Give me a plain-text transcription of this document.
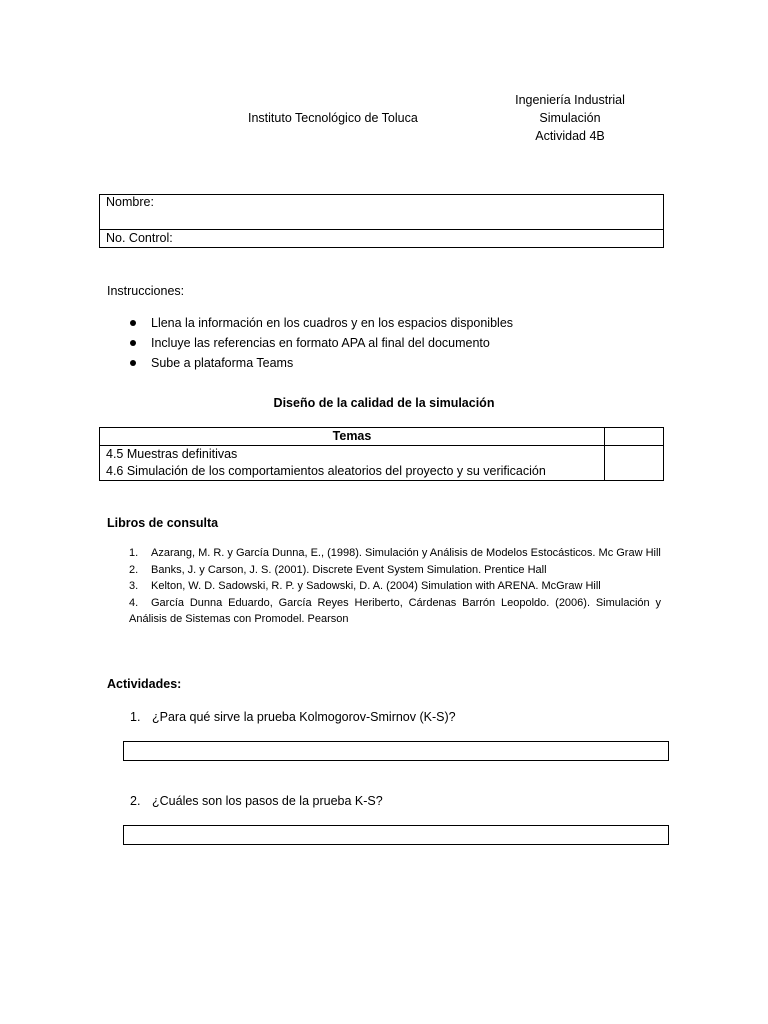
Ingeniería Industrial
Simulación
Actividad 4B
Instituto Tecnológico de Toluca
Nombre:
No. Control:
Instrucciones:
Llena la información en los cuadros y en los espacios disponibles
Incluye las referencias en formato APA al final del documento
Sube a plataforma Teams
Diseño de la calidad de la simulación
Temas	

4.5 Muestras definitivas
4.6 Simulación de los comportamientos aleatorios del proyecto y su verificación	

Libros de consulta
1. Azarang, M. R. y García Dunna, E., (1998). Simulación y Análisis de Modelos Estocásticos. Mc Graw Hill
2. Banks, J. y Carson, J. S. (2001). Discrete Event System Simulation. Prentice Hall
3. Kelton, W. D. Sadowski, R. P. y Sadowski, D. A. (2004) Simulation with ARENA. McGraw Hill
4. García Dunna Eduardo, García Reyes Heriberto, Cárdenas Barrón Leopoldo. (2006). Simulación y Análisis de Sistemas con Promodel. Pearson
Actividades:
1. ¿Para qué sirve la prueba Kolmogorov-Smirnov (K-S)?
2. ¿Cuáles son los pasos de la prueba K-S?
